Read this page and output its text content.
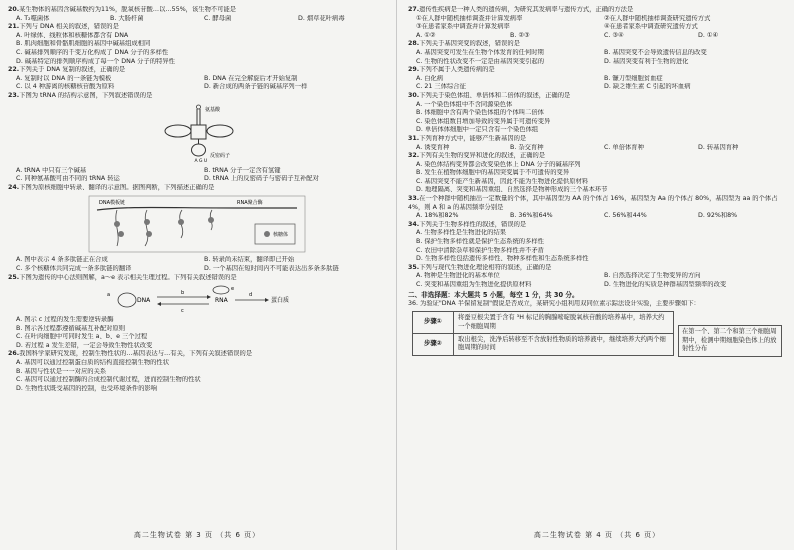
20.某生物体的基因含碱基数约为11%，脱氧核苷酸…以…55%，该生物不可能是

A. T₂噬菌体	B. 大肠杆菌	C. 酵母菌	D. 烟草花叶病毒

21.下列与 DNA 相关的叙述，错误的是

A. 叶绿体、线粒体和核糖体都含有 DNA
B. 肌肉细胞和骨骼肌细胞的基因中碱基组成相同
C. 碱基排列顺序的千变万化构成了 DNA 分子的多样性
D. 碱基特定的排列顺序构成了每一个 DNA 分子的特异性

22.下列关于 DNA 复制的叙述，正确的是

A. 复制时以 DNA 的一条链为模板	B. DNA 在完全解旋后才开始复制
C. 以 4 种游离的核糖核苷酸为原料	D. 新合成的两条子链的碱基序列一样

23.下图为 tRNA 的结构示意图，下列叙述错误的是

A G U
氨基酸
反密码子
A. tRNA 中只有三个碱基	B. tRNA 分子一定含有氢键
C. 同种氨基酸可由不同的 tRNA 转运	D. tRNA 上的反密码子与密码子互补配对

24.下图为原核细胞中转录、翻译的示意图。据图判断，下列描述正确的是

DNA模板链	RNA聚合酶
核糖体
A. 图中表示 4 条多肽链正在合成	B. 转录尚未结束，翻译即已开始
C. 多个核糖体共同完成一条多肽链的翻译	D. 一个基因在短时间内不可能表达出多条多肽链

25.下图为遗传的中心法则图解，a～e 表示相关生理过程。下列有关叙述错误的是

a
DNA
b
c
RNA
e
d
蛋白质
A. 图示 c 过程的发生需要逆转录酶
B. 图示各过程都遵循碱基互补配对原则
C. 在叶肉细胞中可同时发生 a、b、e 三个过程
D. 若过程 a 发生差错，一定会导致生物性状改变

26.我国科学家研究发现，控制生物性状的…基因表达与…有关，下列有关叙述错误的是

A. 基因可以通过控制蛋白质的结构直接控制生物的性状
B. 基因与性状是一一对应的关系
C. 基因可以通过控制酶的合成控制代谢过程，进而控制生物的性状
D. 生物性状既受基因的控制，也受环境条件的影响
高二生物试卷 第 3 页 （共 6 页）

27.遗传性疾病是一种人类的遗传病，为研究其发病率与遗传方式，正确的方法是

①在人群中随机抽样调查并计算发病率	②在人群中随机抽样调查研究遗传方式
③在患者家系中调查并计算发病率	④在患者家系中调查研究遗传方式
A. ①②	B. ②③	C. ③④	D. ①④

28.下列关于基因突变的叙述，错误的是

A. 基因突变可发生在生物个体发育的任何时期	B. 基因突变不会导致遗传信息的改变
C. 生物的性状改变不一定是由基因突变引起的	D. 基因突变有利于生物的进化

29.下列不属于人类遗传病的是

A. 白化病	B. 镰刀型细胞贫血症
C. 21 三体综合征	D. 缺乏维生素 C 引起的坏血病

30.下列关于染色体组、单倍体和二倍体的叙述，正确的是

A. 一个染色体组中不含同源染色体
B. 体细胞中含有两个染色体组的个体叫二倍体
C. 染色体组数目增加导致的变异属于可遗传变异
D. 单倍体体细胞中一定只含有一个染色体组

31.下列育种方式中，能够产生新基因的是

A. 诱变育种	B. 杂交育种	C. 单倍体育种	D. 转基因育种

32.下列有关生物的变异和进化的叙述，正确的是

A. 染色体结构变异都会改变染色体上 DNA 分子的碱基序列
B. 发生在植物体细胞中的基因突变属于不可遗传的变异
C. 基因突变不能产生新基因，因此不能为生物进化提供原材料
D. 地理隔离、突变和基因重组、自然选择是物种形成的三个基本环节

33.在一个种群中随机抽出一定数量的个体，其中基因型为 AA 的个体占 16%，基因型为 Aa 的个体占 80%，基因型为 aa 的个体占 4%，则 A 和 a 的基因频率分别是

A. 18%和82%	B. 36%和64%	C. 56%和44%	D. 92%和8%

34.下列关于生物多样性的叙述，错误的是

A. 生物多样性是生物进化的结果
B. 保护生物多样性就是保护生态系统的多样性
C. 农田中清除杂草和保护生物多样性并不矛盾
D. 生物多样性包括遗传多样性、物种多样性和生态系统多样性

35.下列与现代生物进化理论相符的叙述，正确的是

A. 物种是生物进化的基本单位	B. 自然选择决定了生物变异的方向
C. 突变和基因重组为生物进化提供原材料	D. 生物进化的实质是种群基因型频率的改变
二、非选择题：本大题共 5 小题，每空 1 分，共 30 分。

36. 为验证"DNA 半保留复制"假说是否成立，某研究小组利用双同位素示踪法设计实验，主要步骤如下：

步骤①	将蚕豆根尖置于含有 ³H 标记的胸腺嘧啶脱氧核苷酸的培养基中，培养大约一个细胞周期
步骤②	取出根尖，洗净后转移至不含放射性物质的培养液中，继续培养大约两个细胞周期的时间
在第一个、第二个和第三个细胞周期中，检测中期细胞染色体上的放射性分布
高二生物试卷 第 4 页 （共 6 页）
